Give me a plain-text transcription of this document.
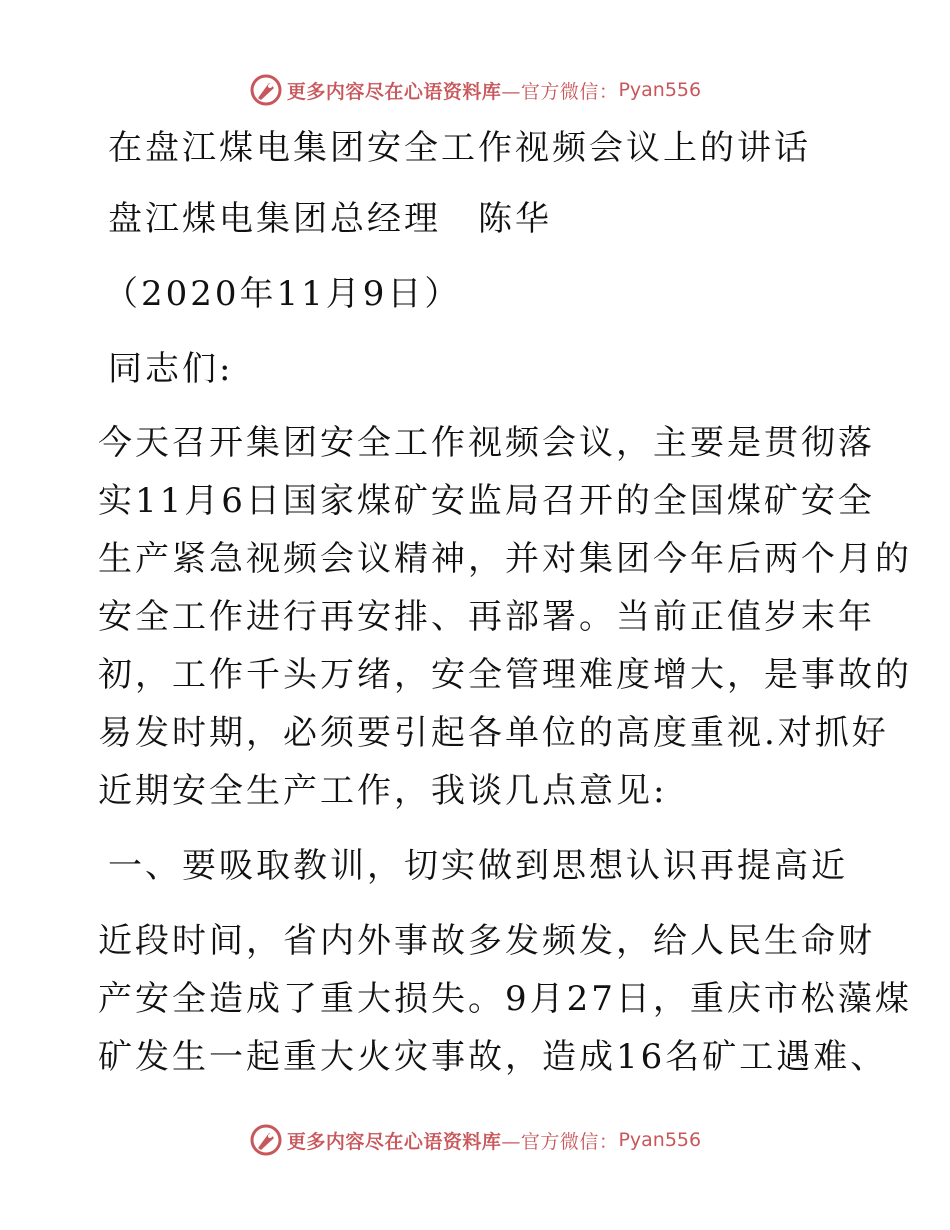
更多内容尽在心语资料库 —官方微信： Pyan556
在盘江煤电集团安全工作视频会议上的讲话
盘江煤电集团总经理　陈华
（2020年11月9日）
同志们:
今天召开集团安全工作视频会议，主要是贯彻落
实11月6日国家煤矿安监局召开的全国煤矿安全
生产紧急视频会议精神，并对集团今年后两个月的
安全工作进行再安排、再部署。当前正值岁末年
初，工作千头万绪，安全管理难度增大，是事故的
易发时期，必须要引起各单位的高度重视.对抓好
近期安全生产工作，我谈几点意见:
一、要吸取教训，切实做到思想认识再提高近
近段时间，省内外事故多发频发，给人民生命财
产安全造成了重大损失。9月27日，重庆市松藻煤
矿发生一起重大火灾事故，造成16名矿工遇难、
更多内容尽在心语资料库 —官方微信： Pyan556
